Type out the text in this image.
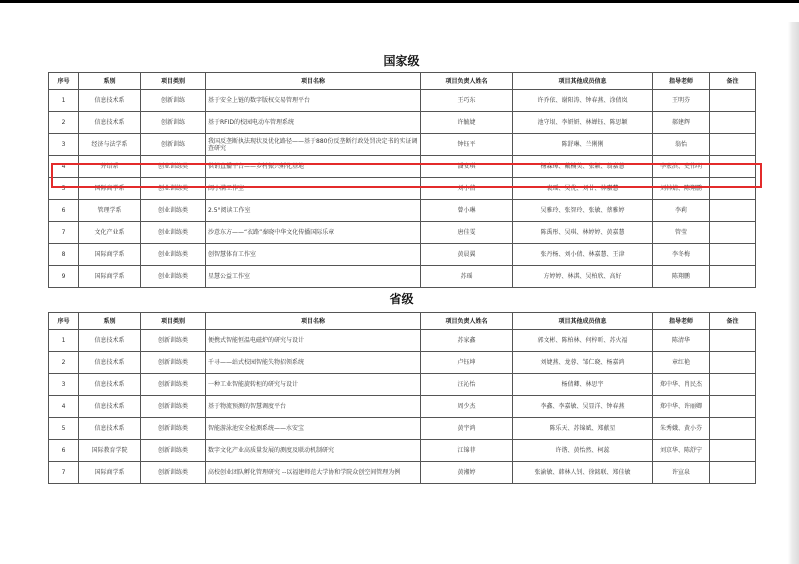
国家级
序号	系别	项目类别	项目名称	项目负责人姓名	项目其他成员信息	指导老师	备注
1	信息技术系	创新训练	基于安全上链的数字版权交易管理平台	王巧东	许乔依、谢阳涛、钟春燕、涂倩岚	王明芬	
2	信息技术系	创新训练	基于RFID的校园电动车管理系统	许毓婕	池守垠、李妍妍、林婵钰、陈思颖	郝建辉	
3	经济与法学系	创新训练	我国反垄断执法现状及优化路径——基于880份反垄断行政处罚决定书的实证调查研究	钟钰平	陈舒琳、兰俐俐	翁怡	
4	外语系	创业训练类	供销直播平台——乡村振兴孵化基地	潘安琪	杨森璋、戴楠美、张颖、翁嘉慧	李宏滨、史伟明	
5	国际商学系	创业训练类	闽小满工作室	刘小倩	袁瑶、吴优、刘廿、林嘉慧	刘林婧、陈翔鹏	
6	管理学系	创业训练类	2.5°阅读工作室	曾小琳	吴雅玲、张智玲、张敏、蔡雅婷	李莉	
7	文化产业系	创业训练类	沙意东方——“衣路”秦晓中华文化传播国际乐章	唐佳雯	陈禹彤、吴琪、林婷婷、黄嘉慧	管莹	
8	国际商学系	创业训练类	创智慧体育工作室	黄晨翼	张丹杨、刘小倩、林嘉慧、王津	李冬梅	
9	国际商学系	创业训练类	星慧公益工作室	苏瑶	方婷婷、林淇、吴柏欣、高好	陈翔鹏	
省级
序号	系别	项目类别	项目名称	项目负责人姓名	项目其他成员信息	指导老师	备注
1	信息技术系	创新训练类	便携式智能恒温电磁炉的研究与设计	苏家鑫	郭文彬、陈柏林、何梓昕、苏火福	陈清华	
2	信息技术系	创新训练类	千寻——站式校园智能失物招领系统	卢钰坤	刘婕燕、龙蓉、邹仁晓、杨嘉鸿	章红艳	
3	信息技术系	创新训练类	一种工业智能旋转柜的研究与设计	汪沁怡	杨倩卿、林思宇	郑中华、肖民杰	
4	信息技术系	创新训练类	基于物流预测的智慧调度平台	周少杰	李鑫、李嘉敏、吴显洋、钟春燕	郑中华、许丽卿	
5	信息技术系	创新训练类	智能游泳池安全检测系统——水安宝	黄宇鸿	陈乐天、苏锦斌、郑献星	朱秀娥、黄小芬	
6	国际教育学院	创新训练类	数字文化产业高质量发展的测度及联动机制研究	江锦菲	许谐、黄怡然、柯蕊	刘京华、陈舒宁	
7	国际商学系	创新训练类	高校创业团队孵化管理研究 --以福建师范大学协和学院众创空间管理为例	黄湘婷	张渝敏、韩林人钊、徐銘联、郑佳敏	许宣泉	
